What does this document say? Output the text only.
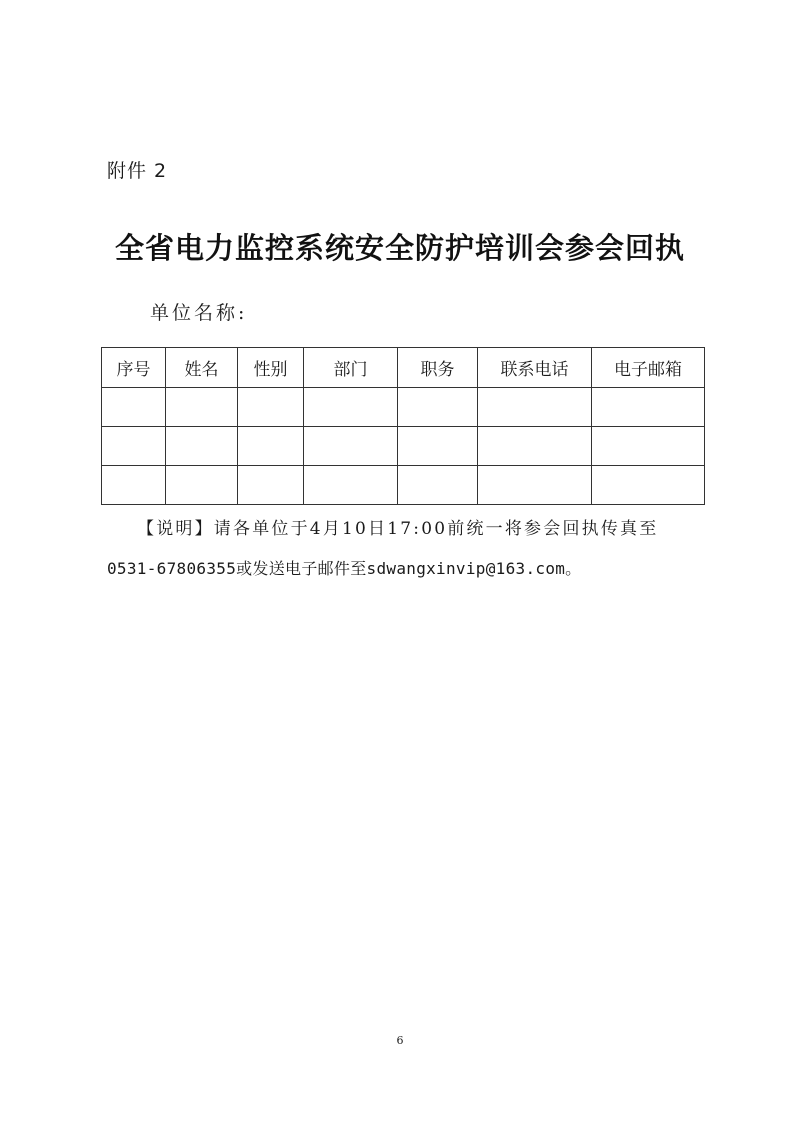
附件 2
全省电力监控系统安全防护培训会参会回执
单位名称:
序号	姓名	性别	部门	职务	联系电话	电子邮箱

【说明】请各单位于4月10日17:00前统一将参会回执传真至
0531-67806355或发送电子邮件至sdwangxinvip@163.com。
6
